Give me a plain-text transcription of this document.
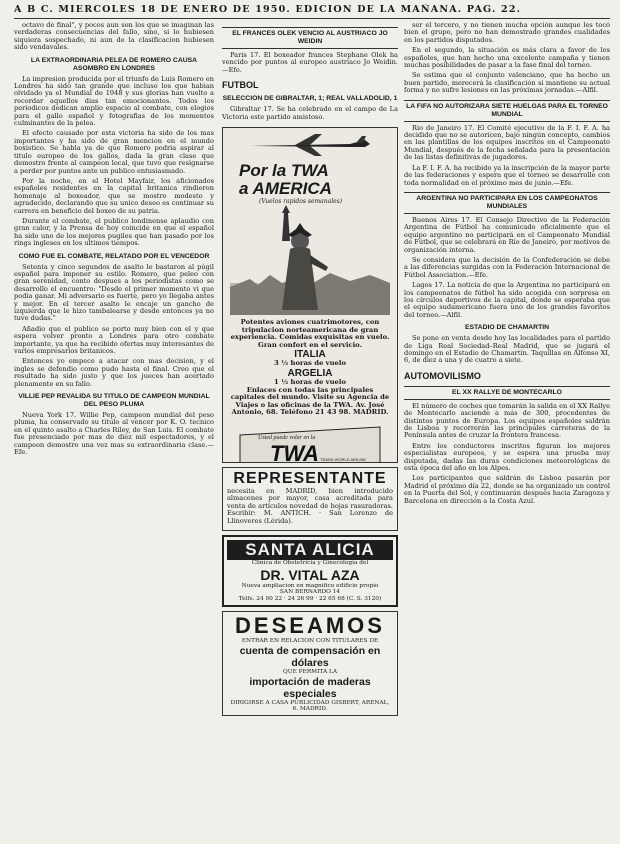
A B C. MIERCOLES 18 DE ENERO DE 1950. EDICION DE LA MAÑANA. PAG. 22.

octavo de final", y pocos aun son los que se imaginan las verdaderas consecuencias del fallo, sino, si lo hubiesen siquiera sospechado, ni aun de la clasificacion hubiesen sido vendavales.

LA EXTRAORDINARIA PELEA DE ROMERO CAUSA ASOMBRO EN LONDRES

La impresion producida por el triunfo de Luis Romero en Londres ha sido tan grande que incluso los que habian olvidado ya el Mundial de 1948 y sus glorias han vuelto a recordar aquellos dias tan emocionantes. Todos los periodicos dedican amplio espacio al combate, con elogios para el gallo español y fotografias de los momentos culminantes de la pelea.

El efecto causado por esta victoria ha sido de los mas importantes y ha sido de gran mencion en el mundo boxistico. Se habla ya de que Romero podria aspirar al titulo europeo de los gallos, dada la gran clase que demostro frente al campeon local, que tuvo que resignarse a perder por puntos ante un publico entusiasmado.

Por la noche, en el Hotel Mayfair, los aficionados españoles residentes en la capital britanica rindieron homenaje al boxeador, que se mostro modesto y agradecido, declarando que su unico deseo es continuar su carrera en beneficio del boxeo de su patria.

Durante el combate, el publico londinense aplaudio con gran calor, y la Prensa de hoy coincide en que el español ha sido uno de los mejores pugiles que han pasado por los rings ingleses en los ultimos tiempos.

COMO FUE EL COMBATE, RELATADO POR EL VENCEDOR

Setenta y cinco segundos de asalto le bastaron al púgil español para imponer su estilo. Romero, que peleo con gran serenidad, conto despues a los periodistas como se desarrollo el encuentro: "Desde el primer momento vi que podia ganar. Mi adversario es fuerte, pero yo llegaba antes y mejor. En el tercer asalto le encaje un gancho de izquierda que le hizo tambalearse y desde entonces ya no tuve dudas."

Añadio que el publico se porto muy bien con el y que espera volver pronto a Londres para otro combate importante, ya que ha recibido ofertas muy interesantes de varios empresarios britanicos.

Entonces yo empece a atacar con mas decision, y el ingles se defendio como pudo hasta el final. Creo que el resultado ha sido justo y que los jueces han acertado plenamente en su fallo.

VILLIE PEP REVALIDA SU TITULO DE CAMPEON MUNDIAL DEL PESO PLUMA

Nueva York 17. Willie Pep, campeon mundial del peso pluma, ha conservado su titulo al vencer por K. O. tecnico en el quinto asalto a Charles Riley, de San Luis. El combate fue presenciado por mas de diez mil espectadores, y el campeon demostro una vez mas su extraordinaria clase.—Efe.

EL FRANCES OLEK VENCIO AL AUSTRIACO JO WEIDIN

Paris 17. El boxeador frances Stephane Olek ha vencido por puntos al europeo austriaco Jo Weidin.—Efe.

FUTBOL
SELECCION DE GIBRALTAR, 1; REAL VALLADOLID, 1

Gibraltar 17. Se ha celebrado en el campo de La Victoria este partido amistoso.

Por la TWA
a AMERICA
(Vuelos rapidos semanales)
Potentes aviones cuatrimotores, con tripulacion norteamericana de gran experiencia. Comidas exquisitas en vuelo. Gran confort en el servicio.
ITALIA
3 ½ horas de vuelo
ARGELIA
1 ½ horas de vuelo
Enlaces con todas las principales capitales del mundo. Visite su Agencia de Viajes o las oficinas de la TWA. Av. José Antonio, 68. Teléfono 21 43 98. MADRID.
Usted puede volar en la
TWA TRANS WORLD AIRLINE
REPRESENTANTE
necesita en MADRID, bien introducido almacenes por mayor, casa acreditada para venta de artículos novedad de hojas rasuradoras. Escribir: M. ANTICH. · San Lorenzo de Llinoveres (Lérida).
SANTA ALICIA
Clinica de Obstetricia y Ginecologia del
DR. VITAL AZA
Nueva ampliacion en magnifico edificio propio
SAN BERNARDO 14
Telfs. 24 00 22 · 24 26 99 · 22 65 68 (C. S. 3120)
DESEAMOS
ENTRAR EN RELACION CON TITULARES DE
cuenta de compensación en dólares
QUE PERMITA LA
importación de maderas especiales
DIRIGIRSE A CASA PUBLICIDAD GISBERT, ARENAL, 6. MADRID.

ser el tercero, y no tienen mucha opción aunque les tocó bien el grupo, pero no han demostrado grandes cualidades en los partidos disputados.

En el segundo, la situación es más clara a favor de los españoles, que han hecho una excelente campaña y tienen muchas posibilidades de pasar a la fase final del torneo.

Se estima que el conjunto valenciano, que ha hecho un buen partido, merecerá la clasificación si mantiene su actual forma y no sufre lesiones en las próximas jornadas.—Alfil.

LA FIFA NO AUTORIZARA SIETE HUELGAS PARA EL TORNEO MUNDIAL

Rio de Janeiro 17. El Comité ejecutivo de la F. I. F. A. ha decidido que no se autoricen, bajo ningún concepto, cambios en las plantillas de los equipos inscritos en el Campeonato Mundial, después de la fecha señalada para la presentación de las listas definitivas de jugadores.

La F. I. F. A. ha recibido ya la inscripción de la mayor parte de las federaciones y espera que el torneo se desarrolle con toda normalidad en el próximo mes de junio.—Efe.

ARGENTINA NO PARTICIPARA EN LOS CAMPEONATOS MUNDIALES

Buenos Aires 17. El Consejo Directivo de la Federación Argentina de Fútbol ha comunicado oficialmente que el equipo argentino no participará en el Campeonato Mundial de Fútbol, que se celebrará en Río de Janeiro, por motivos de organización interna.

Se considera que la decisión de la Confederación se debe a las diferencias surgidas con la Federación Internacional de Fútbol Association.—Efe.

Lagos 17. La noticia de que la Argentina no participará en los campeonatos de fútbol ha sido acogida con sorpresa en los círculos deportivos de la capital, donde se esperaba que el equipo sudamericano fuera uno de los grandes favoritos del torneo.—Alfil.

ESTADIO DE CHAMARTIN

Se pone en venta desde hoy las localidades para el partido de Liga Real Sociedad–Real Madrid, que se jugará el domingo en el Estadio de Chamartín. Taquillas en Alfonso XI, 6, de diez a una y de cuatro a siete.

AUTOMOVILISMO
EL XX RALLYE DE MONTECARLO

El número de coches que tomarán la salida en el XX Rallye de Montecarlo asciende a más de 300, procedentes de distintos puntos de Europa. Los equipos españoles saldrán de Lisboa y recorrerán las principales carreteras de la Península antes de cruzar la frontera francesa.

Entre los conductores inscritos figuran los mejores especialistas europeos, y se espera una prueba muy disputada, dadas las duras condiciones meteorológicas de esta época del año en los Alpes.

Los participantes que saldrán de Lisboa pasarán por Madrid el próximo día 22, donde se ha organizado un control en la Puerta del Sol, y continuarán después hacia Zaragoza y Barcelona en dirección a la Costa Azul.
